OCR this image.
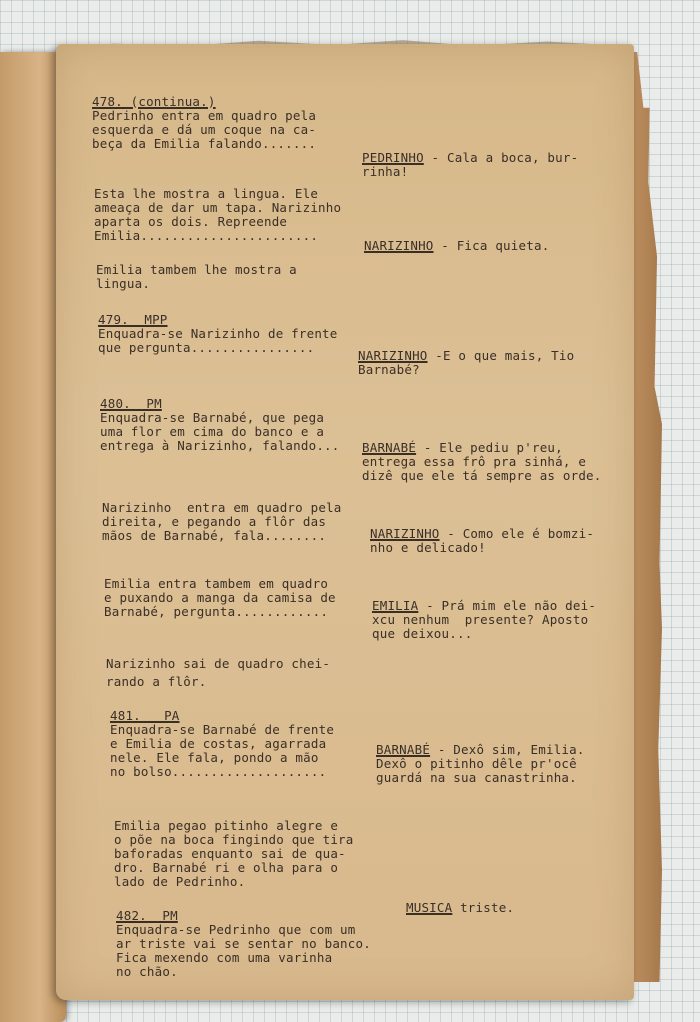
478. (continua.)
Pedrinho entra em quadro pela
esquerda e dá um coque na ca-
beça da Emilia falando.......
PEDRINHO - Cala a boca, bur-
rinha!
Esta lhe mostra a lingua. Ele
ameaça de dar um tapa. Narizinho
aparta os dois. Repreende
Emilia.......................
NARIZINHO - Fica quieta.
Emilia tambem lhe mostra a
lingua.
479.  MPP
Enquadra-se Narizinho de frente
que pergunta................
NARIZINHO -E o que mais, Tio
Barnabé?
480.  PM
Enquadra-se Barnabé, que pega
uma flor em cima do banco e a
entrega à Narizinho, falando... BARNABÉ - Ele pediu p'reu,
entrega essa frô pra sinhá, e
dizê que ele tá sempre as orde.
Narizinho  entra em quadro pela
direita, e pegando a flôr das
mãos de Barnabé, fala........	NARIZINHO - Como ele é bomzi-
nho e delicado!
Emilia entra tambem em quadro
e puxando a manga da camisa de
Barnabé, pergunta............	EMILIA - Prá mim ele não dei-
xcu nenhum  presente? Aposto
que deixou...
Narizinho sai de quadro chei-
rando a flôr.
481.   PA
Enquadra-se Barnabé de frente
e Emilia de costas, agarrada
nele. Ele fala, pondo a mão
no bolso....................
BARNABÉ - Dexô sim, Emilia.
Dexô o pitinho dêle pr'ocê
guardá na sua canastrinha.
Emilia pegao pitinho alegre e
o põe na boca fingindo que tira
baforadas enquanto sai de qua-
dro. Barnabé ri e olha para o
lado de Pedrinho.
482.  PM
Enquadra-se Pedrinho que com um
ar triste vai se sentar no banco.
Fica mexendo com uma varinha
no chão.
MUSICA triste.
